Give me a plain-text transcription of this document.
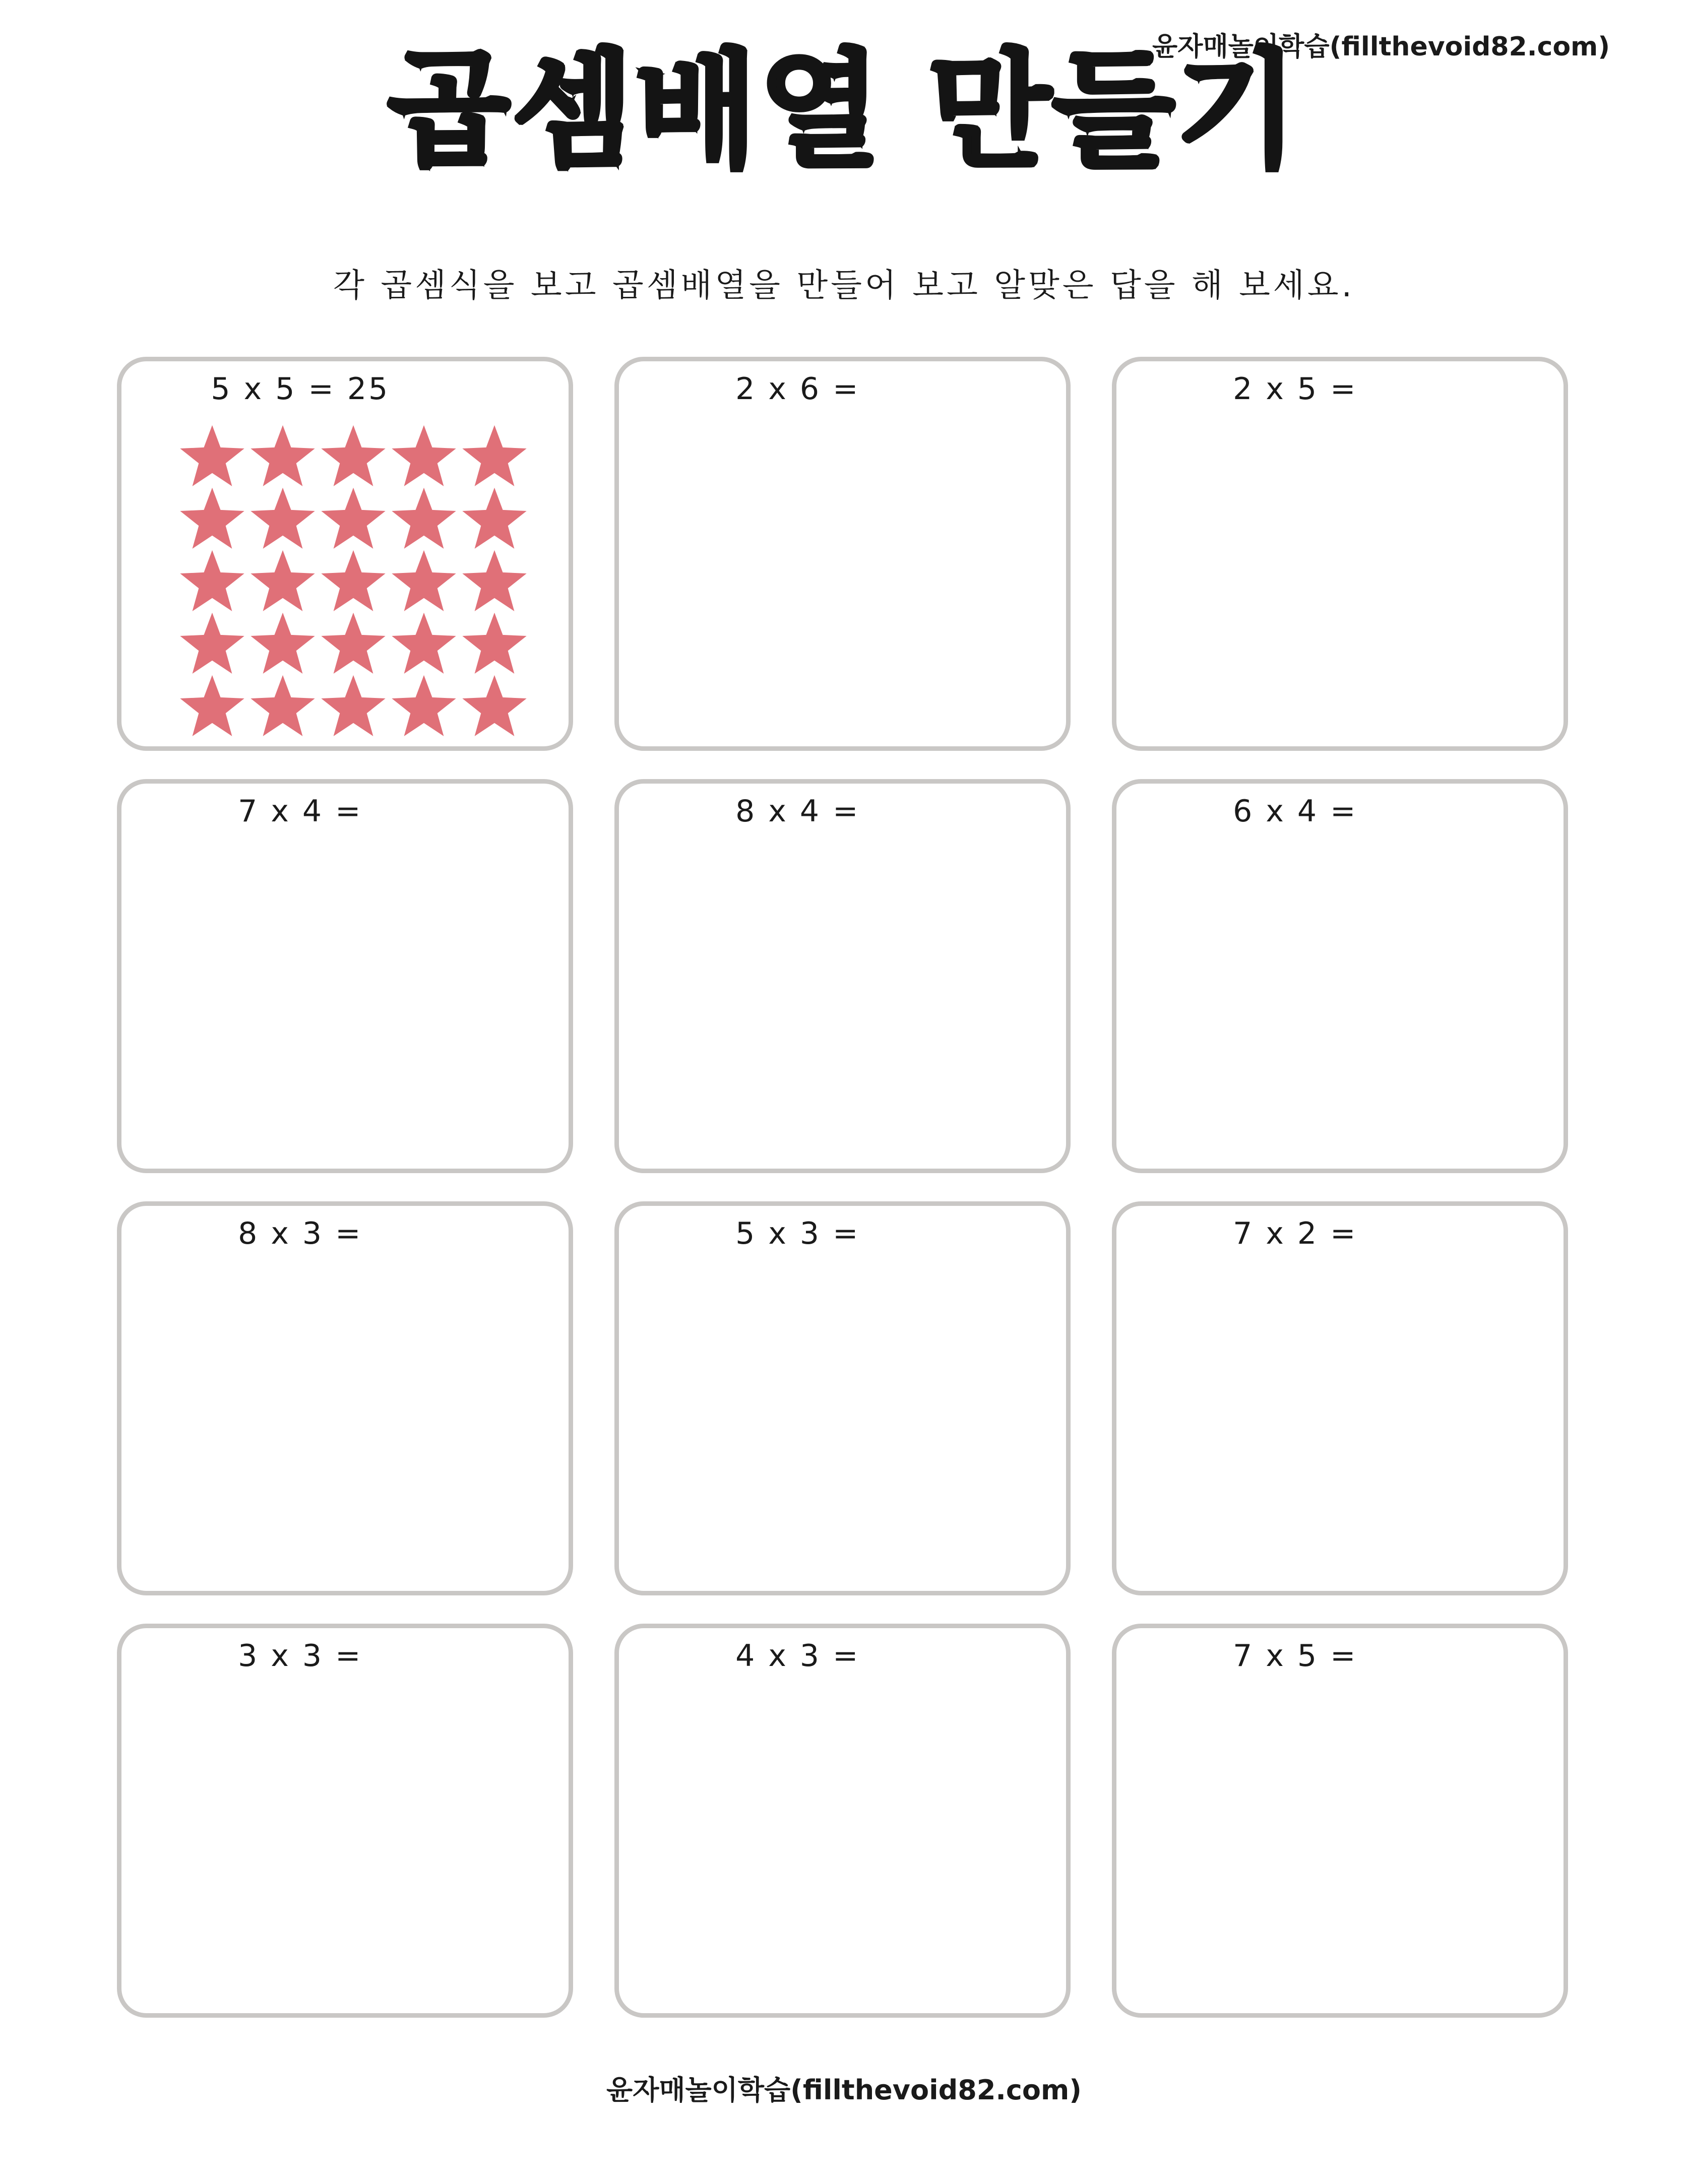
윤자매놀이학습(fillthevoid82.com)
곱셈배열 만들기
각 곱셈식을 보고 곱셈배열을 만들어 보고 알맞은 답을 해 보세요.
5 x 5 = 25	2 x 6 =	2 x 5 =
7 x 4 =	8 x 4 =	6 x 4 =
8 x 3 =	5 x 3 =	7 x 2 =
3 x 3 =	4 x 3 =	7 x 5 =
윤자매놀이학습(fillthevoid82.com)
